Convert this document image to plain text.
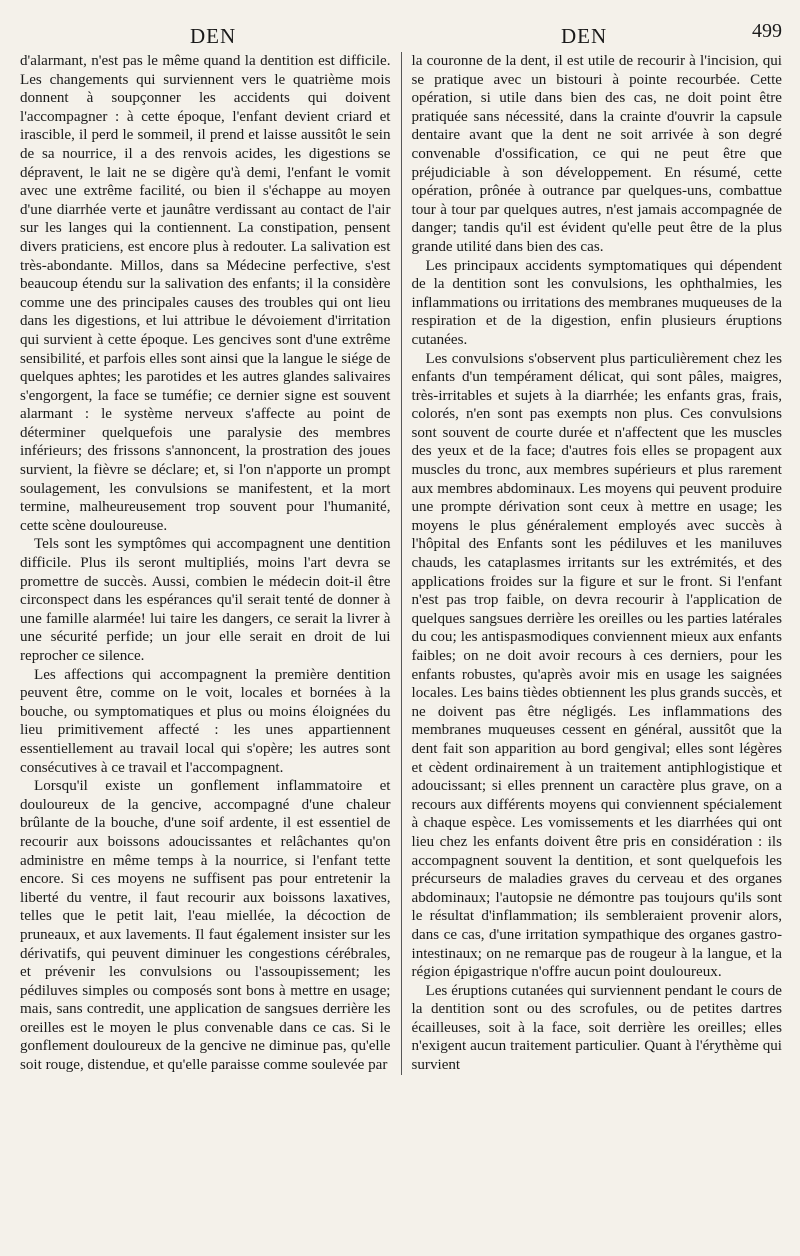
DEN	DEN	499

d'alarmant, n'est pas le même quand la dentition est difficile. Les changements qui surviennent vers le quatrième mois donnent à soupçonner les accidents qui doivent l'accompagner : à cette époque, l'enfant devient criard et irascible, il perd le sommeil, il prend et laisse aussitôt le sein de sa nourrice, il a des renvois acides, les digestions se dépravent, le lait ne se digère qu'à demi, l'enfant le vomit avec une extrême facilité, ou bien il s'échappe au moyen d'une diarrhée verte et jaunâtre verdissant au contact de l'air sur les langes qui la contiennent. La constipation, pensent divers praticiens, est encore plus à redouter. La salivation est très-abondante. Millos, dans sa Médecine perfective, s'est beaucoup étendu sur la salivation des enfants; il la considère comme une des principales causes des troubles qui ont lieu dans les digestions, et lui attribue le dévoiement d'irritation qui survient à cette époque. Les gencives sont d'une extrême sensibilité, et parfois elles sont ainsi que la langue le siége de quelques aphtes; les parotides et les autres glandes salivaires s'engorgent, la face se tuméfie; ce dernier signe est souvent alarmant : le système nerveux s'affecte au point de déterminer quelquefois une paralysie des membres inférieurs; des frissons s'annoncent, la prostration des joues survient, la fièvre se déclare; et, si l'on n'apporte un prompt soulagement, les convulsions se manifestent, et la mort termine, malheureusement trop souvent pour l'humanité, cette scène douloureuse.

Tels sont les symptômes qui accompagnent une dentition difficile. Plus ils seront multipliés, moins l'art devra se promettre de succès. Aussi, combien le médecin doit-il être circonspect dans les espérances qu'il serait tenté de donner à une famille alarmée! lui taire les dangers, ce serait la livrer à une sécurité perfide; un jour elle serait en droit de lui reprocher ce silence.

Les affections qui accompagnent la première dentition peuvent être, comme on le voit, locales et bornées à la bouche, ou symptomatiques et plus ou moins éloignées du lieu primitivement affecté : les unes appartiennent essentiellement au travail local qui s'opère; les autres sont consécutives à ce travail et l'accompagnent.

Lorsqu'il existe un gonflement inflammatoire et douloureux de la gencive, accompagné d'une chaleur brûlante de la bouche, d'une soif ardente, il est essentiel de recourir aux boissons adoucissantes et relâchantes qu'on administre en même temps à la nourrice, si l'enfant tette encore. Si ces moyens ne suffisent pas pour entretenir la liberté du ventre, il faut recourir aux boissons laxatives, telles que le petit lait, l'eau miellée, la décoction de pruneaux, et aux lavements. Il faut également insister sur les dérivatifs, qui peuvent diminuer les congestions cérébrales, et prévenir les convulsions ou l'assoupissement; les pédiluves simples ou composés sont bons à mettre en usage; mais, sans contredit, une application de sangsues derrière les oreilles est le moyen le plus convenable dans ce cas. Si le gonflement douloureux de la gencive ne diminue pas, qu'elle soit rouge, distendue, et qu'elle paraisse comme soulevée par

la couronne de la dent, il est utile de recourir à l'incision, qui se pratique avec un bistouri à pointe recourbée. Cette opération, si utile dans bien des cas, ne doit point être pratiquée sans nécessité, dans la crainte d'ouvrir la capsule dentaire avant que la dent ne soit arrivée à son degré convenable d'ossification, ce qui ne peut être que préjudiciable à son développement. En résumé, cette opération, prônée à outrance par quelques-uns, combattue tour à tour par quelques autres, n'est jamais accompagnée de danger; tandis qu'il est évident qu'elle peut être de la plus grande utilité dans bien des cas.

Les principaux accidents symptomatiques qui dépendent de la dentition sont les convulsions, les ophthalmies, les inflammations ou irritations des membranes muqueuses de la respiration et de la digestion, enfin plusieurs éruptions cutanées.

Les convulsions s'observent plus particulièrement chez les enfants d'un tempérament délicat, qui sont pâles, maigres, très-irritables et sujets à la diarrhée; les enfants gras, frais, colorés, n'en sont pas exempts non plus. Ces convulsions sont souvent de courte durée et n'affectent que les muscles des yeux et de la face; d'autres fois elles se propagent aux muscles du tronc, aux membres supérieurs et plus rarement aux membres abdominaux. Les moyens qui peuvent produire une prompte dérivation sont ceux à mettre en usage; les moyens le plus généralement employés avec succès à l'hôpital des Enfants sont les pédiluves et les maniluves chauds, les cataplasmes irritants sur les extrémités, et des applications froides sur la figure et sur le front. Si l'enfant n'est pas trop faible, on devra recourir à l'application de quelques sangsues derrière les oreilles ou les parties latérales du cou; les antispasmodiques conviennent mieux aux enfants faibles; on ne doit avoir recours à ces derniers, pour les enfants robustes, qu'après avoir mis en usage les saignées locales. Les bains tièdes obtiennent les plus grands succès, et ne doivent pas être négligés. Les inflammations des membranes muqueuses cessent en général, aussitôt que la dent fait son apparition au bord gengival; elles sont légères et cèdent ordinairement à un traitement antiphlogistique et adoucissant; si elles prennent un caractère plus grave, on a recours aux différents moyens qui conviennent spécialement à chaque espèce. Les vomissements et les diarrhées qui ont lieu chez les enfants doivent être pris en considération : ils accompagnent souvent la dentition, et sont quelquefois les précurseurs de maladies graves du cerveau et des organes abdominaux; l'autopsie ne démontre pas toujours qu'ils sont le résultat d'inflammation; ils sembleraient provenir alors, dans ce cas, d'une irritation sympathique des organes gastro-intestinaux; on ne remarque pas de rougeur à la langue, et la région épigastrique n'offre aucun point douloureux.

Les éruptions cutanées qui surviennent pendant le cours de la dentition sont ou des scrofules, ou de petites dartres écailleuses, soit à la face, soit derrière les oreilles; elles n'exigent aucun traitement particulier. Quant à l'érythème qui survient
